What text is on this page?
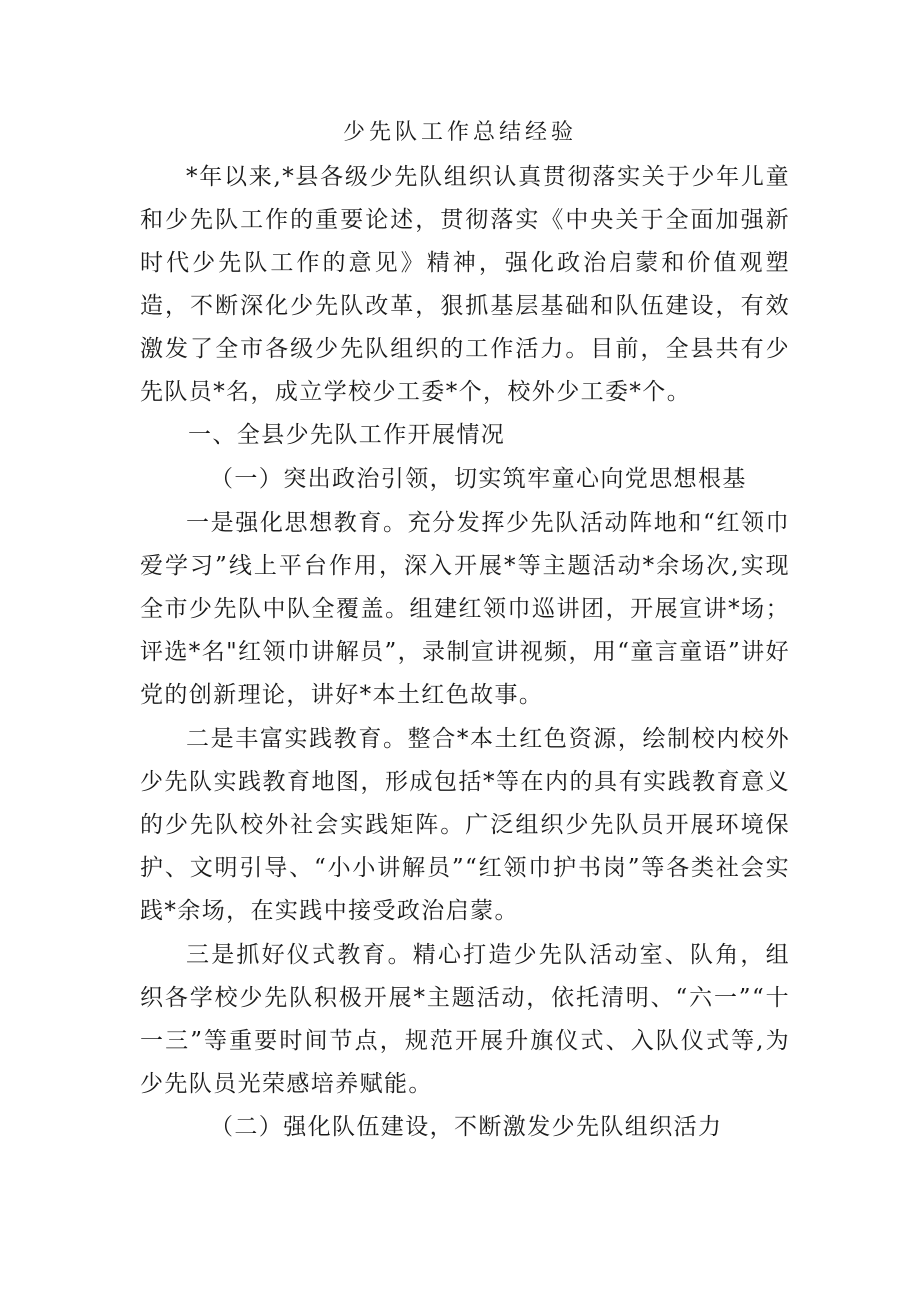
少先队工作总结经验

*年以来,*县各级少先队组织认真贯彻落实关于少年儿童和少先队工作的重要论述，贯彻落实《中央关于全面加强新时代少先队工作的意见》精神，强化政治启蒙和价值观塑造，不断深化少先队改革，狠抓基层基础和队伍建设，有效激发了全市各级少先队组织的工作活力。目前，全县共有少先队员*名，成立学校少工委*个，校外少工委*个。

一、全县少先队工作开展情况

（一）突出政治引领，切实筑牢童心向党思想根基

一是强化思想教育。充分发挥少先队活动阵地和“红领巾爱学习”线上平台作用，深入开展*等主题活动*余场次,实现全市少先队中队全覆盖。组建红领巾巡讲团，开展宣讲*场；评选*名"红领巾讲解员”，录制宣讲视频，用“童言童语”讲好党的创新理论，讲好*本土红色故事。

二是丰富实践教育。整合*本土红色资源，绘制校内校外少先队实践教育地图，形成包括*等在内的具有实践教育意义的少先队校外社会实践矩阵。广泛组织少先队员开展环境保护、文明引导、“小小讲解员”“红领巾护书岗”等各类社会实践*余场，在实践中接受政治启蒙。

三是抓好仪式教育。精心打造少先队活动室、队角，组织各学校少先队积极开展*主题活动，依托清明、“六一”“十一三”等重要时间节点，规范开展升旗仪式、入队仪式等,为少先队员光荣感培养赋能。

（二）强化队伍建设，不断激发少先队组织活力
